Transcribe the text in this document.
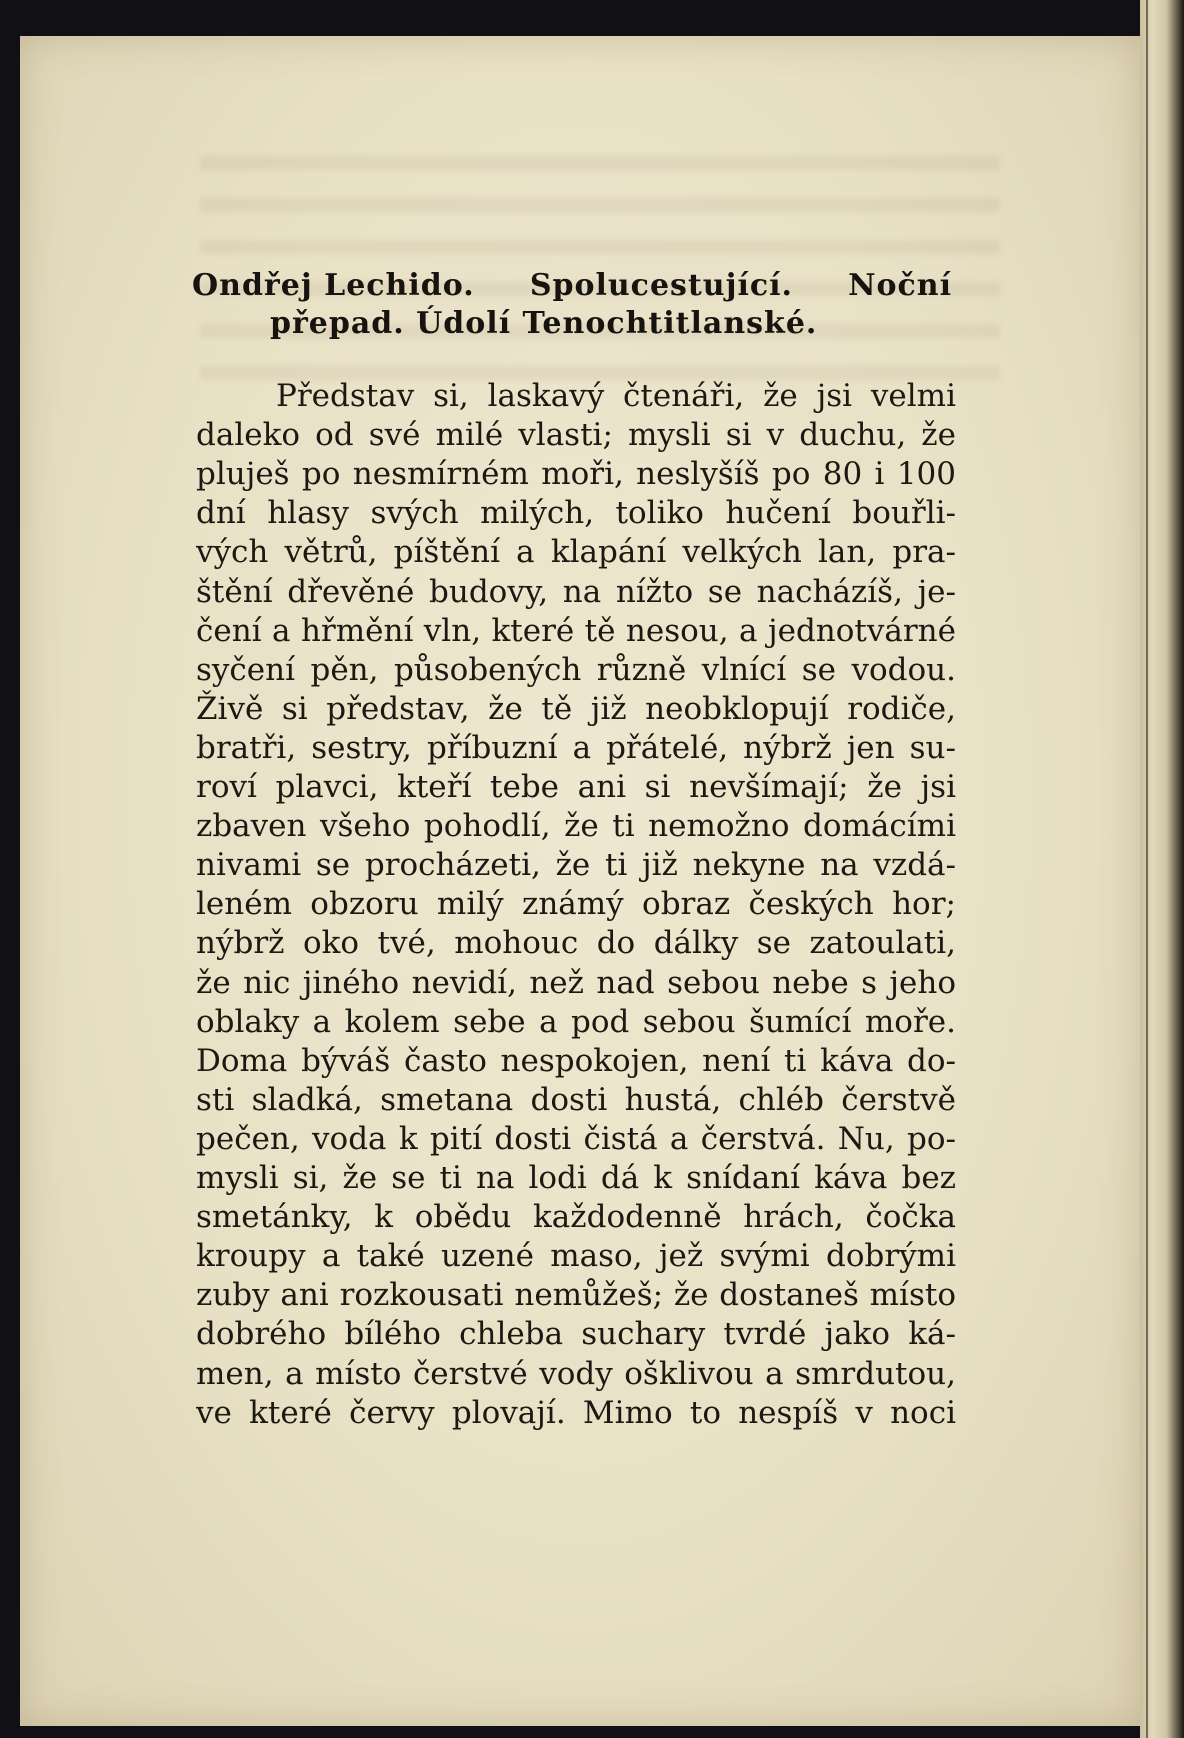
Ondřej Lechido. Spolucestující. Noční
přepad. Údolí Tenochtitlanské.
Představ si, laskavý čtenáři, že jsi velmi
daleko od své milé vlasti; mysli si v duchu, že
pluješ po nesmírném moři, neslyšíš po 80 i 100
dní hlasy svých milých, toliko hučení bouřli-
vých větrů, píštění a klapání velkých lan, pra-
štění dřevěné budovy, na nížto se nacházíš, je-
čení a hřmění vln, které tě nesou, a jednotvárné
syčení pěn, působených různě vlnící se vodou.
Živě si představ, že tě již neobklopují rodiče,
bratři, sestry, příbuzní a přátelé, nýbrž jen su-
roví plavci, kteří tebe ani si nevšímají; že jsi
zbaven všeho pohodlí, že ti nemožno domácími
nivami se procházeti, že ti již nekyne na vzdá-
leném obzoru milý známý obraz českých hor;
nýbrž oko tvé, mohouc do dálky se zatoulati,
že nic jiného nevidí, než nad sebou nebe s jeho
oblaky a kolem sebe a pod sebou šumící moře.
Doma býváš často nespokojen, není ti káva do-
sti sladká, smetana dosti hustá, chléb čerstvě
pečen, voda k pití dosti čistá a čerstvá. Nu, po-
mysli si, že se ti na lodi dá k snídaní káva bez
smetánky, k obědu každodenně hrách, čočka
kroupy a také uzené maso, jež svými dobrými
zuby ani rozkousati nemůžeš; že dostaneš místo
dobrého bílého chleba suchary tvrdé jako ká-
men, a místo čerstvé vody ošklivou a smrdutou,
ve které červy plovají. Mimo to nespíš v noci
